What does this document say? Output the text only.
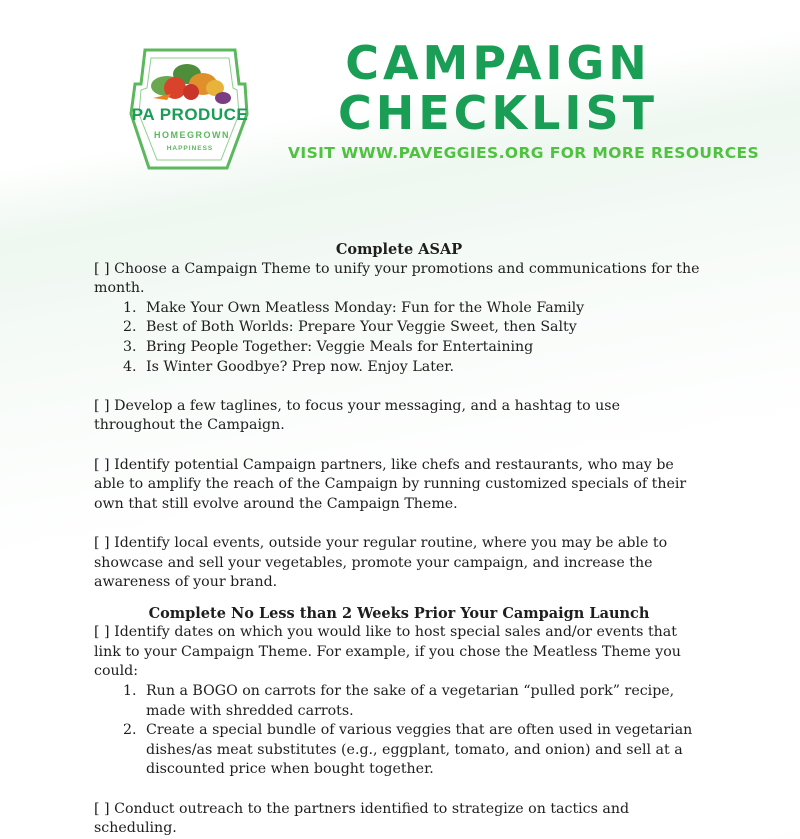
PA PRODUCE
HOMEGROWN
HAPPINESS
CAMPAIGN
CHECKLIST
VISIT WWW.PAVEGGIES.ORG FOR MORE RESOURCES

Complete ASAP

[ ] Choose a Campaign Theme to unify your promotions and communications for the month.

1. Make Your Own Meatless Monday: Fun for the Whole Family
2. Best of Both Worlds: Prepare Your Veggie Sweet, then Salty
3. Bring People Together: Veggie Meals for Entertaining
4. Is Winter Goodbye? Prep now. Enjoy Later.

[ ] Develop a few taglines, to focus your messaging, and a hashtag to use throughout the Campaign.

[ ] Identify potential Campaign partners, like chefs and restaurants, who may be able to amplify the reach of the Campaign by running customized specials of their own that still evolve around the Campaign Theme.

[ ] Identify local events, outside your regular routine, where you may be able to showcase and sell your vegetables, promote your campaign, and increase the awareness of your brand.

Complete No Less than 2 Weeks Prior Your Campaign Launch

[ ] Identify dates on which you would like to host special sales and/or events that link to your Campaign Theme. For example, if you chose the Meatless Theme you could:

1. Run a BOGO on carrots for the sake of a vegetarian “pulled pork” recipe, made with shredded carrots.
2. Create a special bundle of various veggies that are often used in vegetarian dishes/as meat substitutes (e.g., eggplant, tomato, and onion) and sell at a discounted price when bought together.

[ ] Conduct outreach to the partners identified to strategize on tactics and scheduling.
